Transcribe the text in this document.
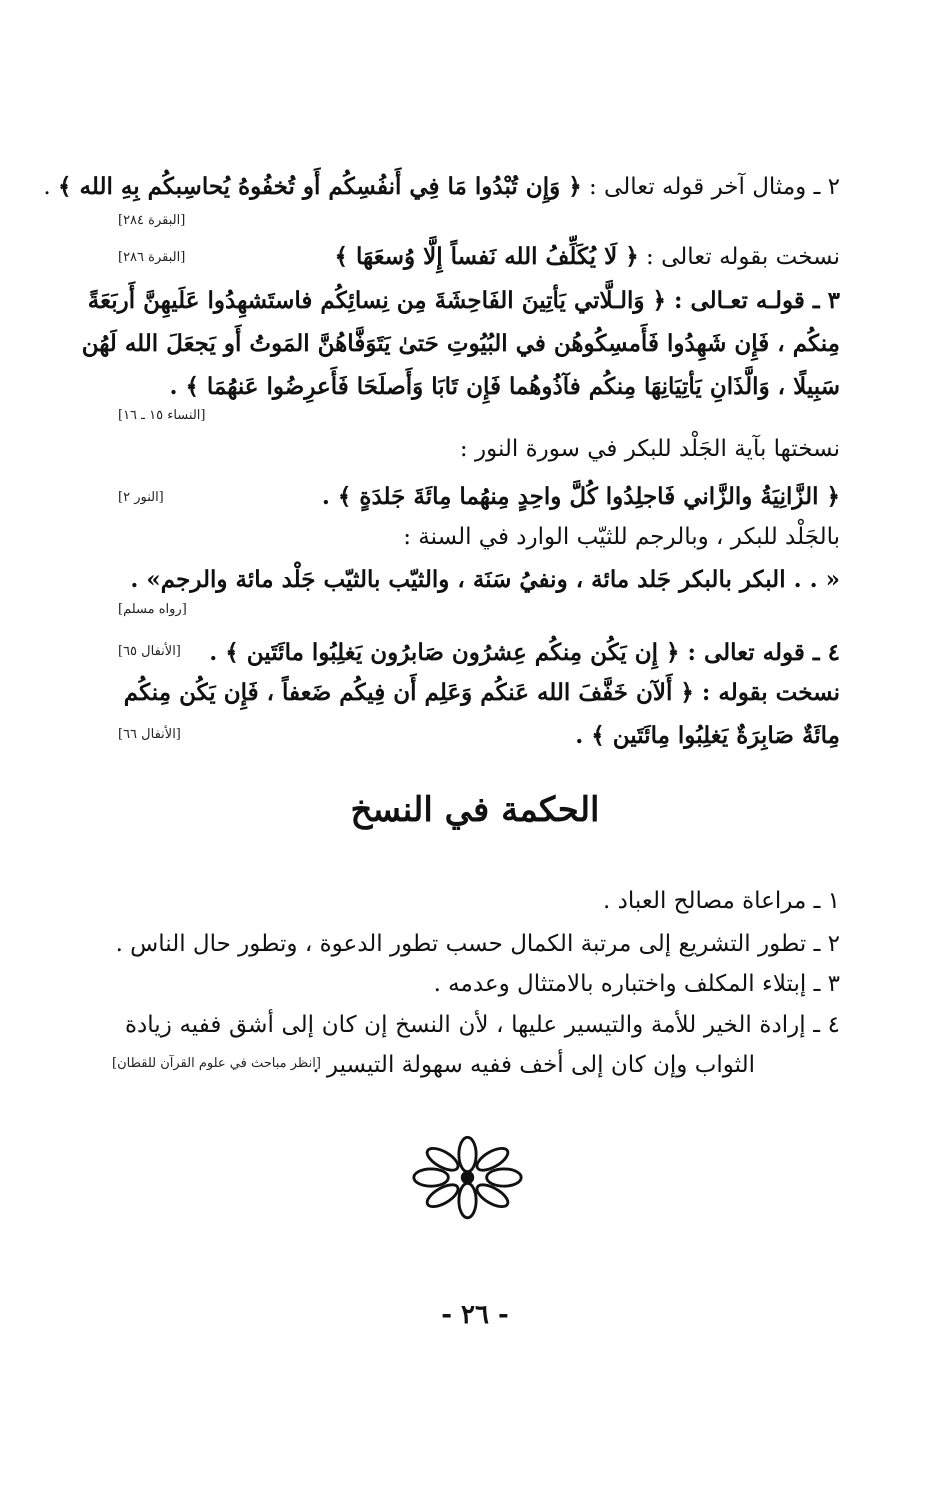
٢ ـ ومثال آخر قوله تعالى : ﴿ وَإِن تُبْدُوا مَا فِي أَنفُسِكُم أَو تُخفُوهُ يُحاسِبكُم بِهِ الله ﴾ .
[البقرة ٢٨٤]
نسخت بقوله تعالى : ﴿ لَا يُكَلِّفُ الله نَفساً إِلَّا وُسعَهَا ﴾
[البقرة ٢٨٦]
٣ ـ قولـه تعـالى : ﴿ وَالـلَّاتي يَأتِينَ الفَاحِشَةَ مِن نِسائِكُم فاستَشهِدُوا عَلَيهِنَّ أَربَعَةً
مِنكُم ، فَإِن شَهِدُوا فَأَمسِكُوهُن في البُيُوتِ حَتىٰ يَتَوَفَّاهُنَّ المَوتُ أَو يَجعَلَ الله لَهُن
سَبِيلًا ، وَالَّذَانِ يَأتِيَانِهَا مِنكُم فآذُوهُما فَإِن تَابَا وَأَصلَحَا فَأَعرِضُوا عَنهُمَا ﴾ .
[النساء ١٥ ـ ١٦]
نسختها بآية الجَلْد للبكر في سورة النور :
﴿ الزَّانِيَةُ والزَّاني فَاجلِدُوا كُلَّ واحِدٍ مِنهُما مِائَةَ جَلدَةٍ ﴾ .
[النور ٢]
بالجَلْد للبكر ، وبالرجم للثيّب الوارد في السنة :
« . . البكر بالبكر جَلد مائة ، ونفيُ سَنَة ، والثيّب بالثيّب جَلْد مائة والرجم» .
[رواه مسلم]
٤ ـ قوله تعالى : ﴿ إِن يَكُن مِنكُم عِشرُون صَابرُون يَغلِبُوا مائَتَين ﴾ .
[الأنفال ٦٥]
نسخت بقوله : ﴿ أَلآن خَفَّفَ الله عَنكُم وَعَلِم أَن فِيكُم ضَعفاً ، فَإِن يَكُن مِنكُم
مِائَةٌ صَابِرَةٌ يَغلِبُوا مِائَتَين ﴾ .
[الأنفال ٦٦]
الحكمة في النسخ
١ ـ مراعاة مصالح العباد .
٢ ـ تطور التشريع إلى مرتبة الكمال حسب تطور الدعوة ، وتطور حال الناس .
٣ ـ إبتلاء المكلف واختباره بالامتثال وعدمه .
٤ ـ إرادة الخير للأمة والتيسير عليها ، لأن النسخ إن كان إلى أشق ففيه زيادة
الثواب وإن كان إلى أخف ففيه سهولة التيسير .
[انظر مباحث في علوم القرآن للقطان]
- ٢٦ -
